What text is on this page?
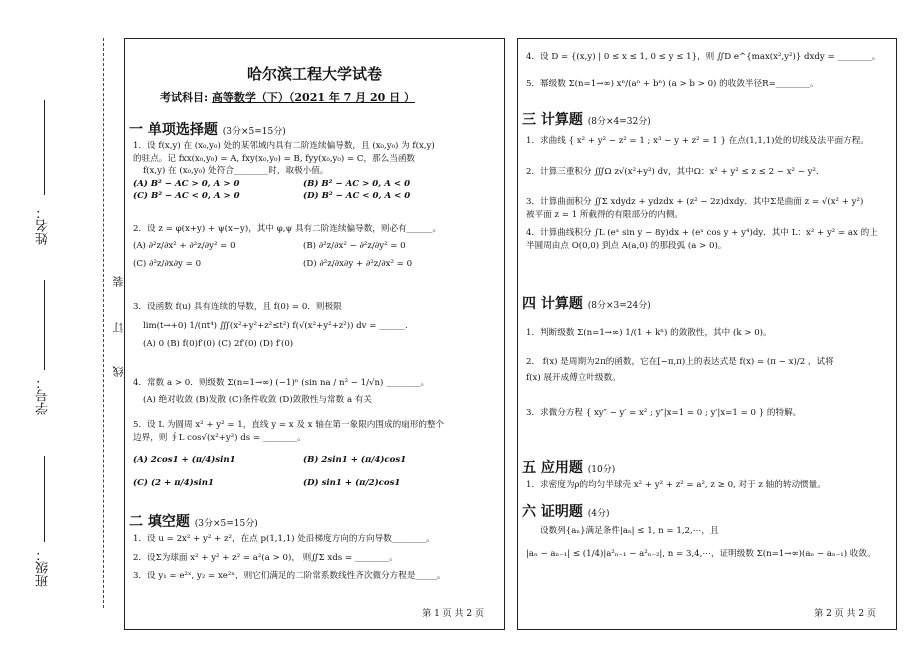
姓名：
学号：
班级：
装
订
线
哈尔滨工程大学试卷
考试科目: 高等数学（下）（2021 年 7 月 20 日 ）
一 单项选择题 (3分×5=15分)
1．设 f(x,y) 在 (x₀,y₀) 处的某邻域内具有二阶连续偏导数，且 (x₀,y₀) 为 f(x,y)
的驻点。记 fxx(x₀,y₀) = A, fxy(x₀,y₀) = B, fyy(x₀,y₀) = C，那么当函数
f(x,y) 在 (x₀,y₀) 处符合________时，取极小值。
(A) B² − AC > 0, A > 0	(B) B² − AC > 0, A < 0
(C) B² − AC < 0, A > 0	(D) B² − AC < 0, A < 0
2．设 z = φ(x+y) + ψ(x−y)，其中 φ,ψ 具有二阶连续偏导数，则必有______。
(A) ∂²z/∂x² + ∂²z/∂y² = 0	(B) ∂²z/∂x² − ∂²z/∂y² = 0
(C) ∂²z/∂x∂y = 0	(D) ∂²z/∂x∂y + ∂²z/∂x² = 0
3．设函数 f(u) 具有连续的导数，且 f(0) = 0．则极限
lim(t→+0) 1/(πt⁴) ∭(x²+y²+z²≤t²) f(√(x²+y²+z²)) dv = ______.
(A) 0 (B) f(0)f′(0) (C) 2f′(0) (D) f′(0)
4．常数 a > 0．则级数 Σ(n=1→∞) (−1)ⁿ (sin na / n² − 1/√n) ________。
(A) 绝对收敛 (B)发散 (C)条件收敛 (D)敛散性与常数 a 有关
5．设 L 为圆周 x² + y² = 1，直线 y = x 及 x 轴在第一象限内围成的扇形的整个
边界，则 ∮L cos√(x²+y²) ds = ________。
(A) 2cos1 + (π/4)sin1	(B) 2sin1 + (π/4)cos1
(C) (2 + π/4)sin1	(D) sin1 + (π/2)cos1
二 填空题 (3分×5=15分)
1．设 u = 2x² + y² + z²，在点 p(1,1,1) 处沿梯度方向的方向导数________。
2．设Σ为球面 x² + y² + z² = a²(a > 0)， 则∬Σ xds = ________。
3．设 y₁ = e²ˣ, y₂ = xe²ˣ，则它们满足的二阶常系数线性齐次微分方程是_____。
第 1 页 共 2 页
4．设 D = {(x,y) | 0 ≤ x ≤ 1, 0 ≤ y ≤ 1}，则 ∬D e^{max(x²,y²)} dxdy = ________。
5．幂级数 Σ(n=1→∞) xⁿ/(aⁿ + bⁿ) (a > b > 0) 的收敛半径R=________。
三 计算题 (8分×4=32分)
1．求曲线 { x² + y² − z² = 1 ; x³ − y + z² = 1 } 在点(1,1,1)处的切线及法平面方程。
2．计算三重积分 ∭Ω z√(x²+y²) dv，其中Ω：x² + y² ≤ z ≤ 2 − x² − y²．
3．计算曲面积分 ∬Σ xdydz + ydzdx + (z² − 2z)dxdy．其中Σ是曲面 z = √(x² + y²)
被平面 z = 1 所截得的有限部分的内侧。
4．计算曲线积分 ∫L (eˣ sin y − 8y)dx + (eˣ cos y + y⁴)dy．其中 L：x² + y² = ax 的上
半圆周由点 O(0,0) 到点 A(a,0) 的那段弧 (a > 0)。
四 计算题 (8分×3=24分)
1．判断级数 Σ(n=1→∞) 1/(1 + kⁿ) 的敛散性，其中 (k > 0)。
2． f(x) 是周期为2π的函数，它在[−π,π)上的表达式是 f(x) = (π − x)/2 ，试将
f(x) 展开成傅立叶级数。
3．求微分方程 { xy″ − y′ = x² ; y″|x=1 = 0 ; y′|x=1 = 0 } 的特解。
五 应用题 (10分)
1．求密度为ρ的均匀半球壳 x² + y² + z² = a², z ≥ 0, 对于 z 轴的转动惯量。
六 证明题 (4分)
设数列{aₙ}满足条件|aₙ| ≤ 1, n = 1,2,⋯，且
|aₙ − aₙ₋₁| ≤ (1/4)|a²ₙ₋₁ − a²ₙ₋₂|, n = 3,4,⋯，证明级数 Σ(n=1→∞)(aₙ − aₙ₋₁) 收敛。
第 2 页 共 2 页
